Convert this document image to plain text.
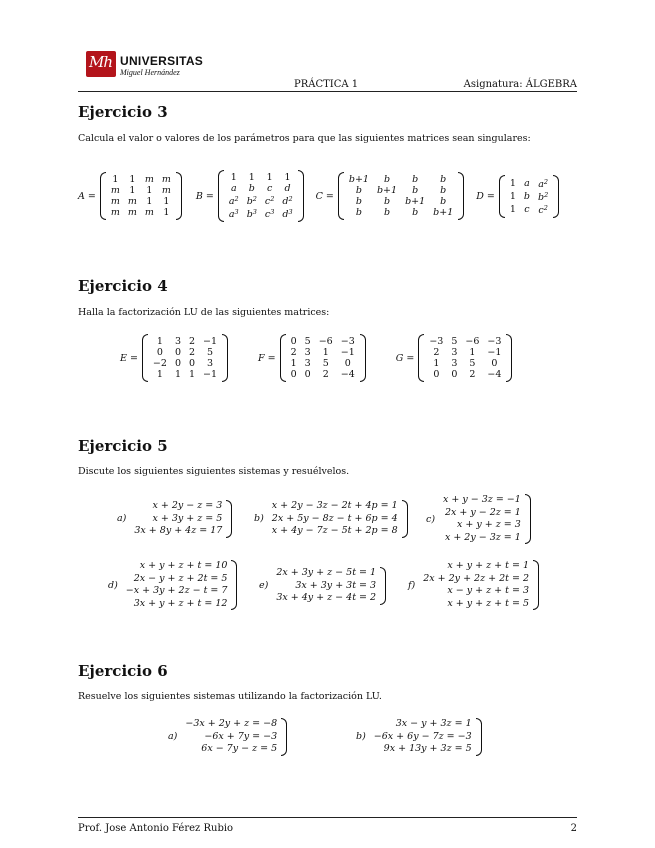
Mh UNIVERSITAS
Miguel Hernández
PRÁCTICA 1	Asignatura: ÁLGEBRA
Ejercicio 3
Calcula el valor o valores de los parámetros para que las siguientes matrices sean singulares:
A =
1	1	m	m
m	1	1	m
m	m	1	1
m	m	m	1
B =
1	1	1	1
a	b	c	d
$a^2$	$b^2$	$c^2$	$d^2$
$a^3$	$b^3$	$c^3$	$d^3$
C =
b+1	b	b	b
b	b+1	b	b
b	b	b+1	b
b	b	b	b+1
D =
1	a	$a^2$
1	b	$b^2$
1	c	$c^2$
Ejercicio 4
Halla la factorización LU de las siguientes matrices:
E =
1	3	2	−1
0	0	2	5
−2	0	0	3
1	1	1	−1
F =
0	5	−6	−3
2	3	1	−1
1	3	5	0
0	0	2	−4
G =
−3	5	−6	−3
2	3	1	−1
1	3	5	0
0	0	2	−4
Ejercicio 5
Discute los siguientes siguientes sistemas y resuélvelos.
a)
x + 2y − z = 3
x + 3y + z = 5
3x + 8y + 4z = 17
b)
x + 2y − 3z − 2t + 4p = 1
2x + 5y − 8z − t + 6p = 4
x + 4y − 7z − 5t + 2p = 8
c)
x + y − 3z = −1
2x + y − 2z = 1
x + y + z = 3
x + 2y − 3z = 1
d)
x + y + z + t = 10
2x − y + z + 2t = 5
−x + 3y + 2z − t = 7
3x + y + z + t = 12
e)
2x + 3y + z − 5t = 1
3x + 3y + 3t = 3
3x + 4y + z − 4t = 2
f)
x + y + z + t = 1
2x + 2y + 2z + 2t = 2
x − y + z + t = 3
x + y + z + t = 5
Ejercicio 6
Resuelve los siguientes sistemas utilizando la factorización LU.
a)
−3x + 2y + z = −8
−6x + 7y = −3
6x − 7y − z = 5
b)
3x − y + 3z = 1
−6x + 6y − 7z = −3
9x + 13y + 3z = 5
Prof. Jose Antonio Férez Rubio	2
